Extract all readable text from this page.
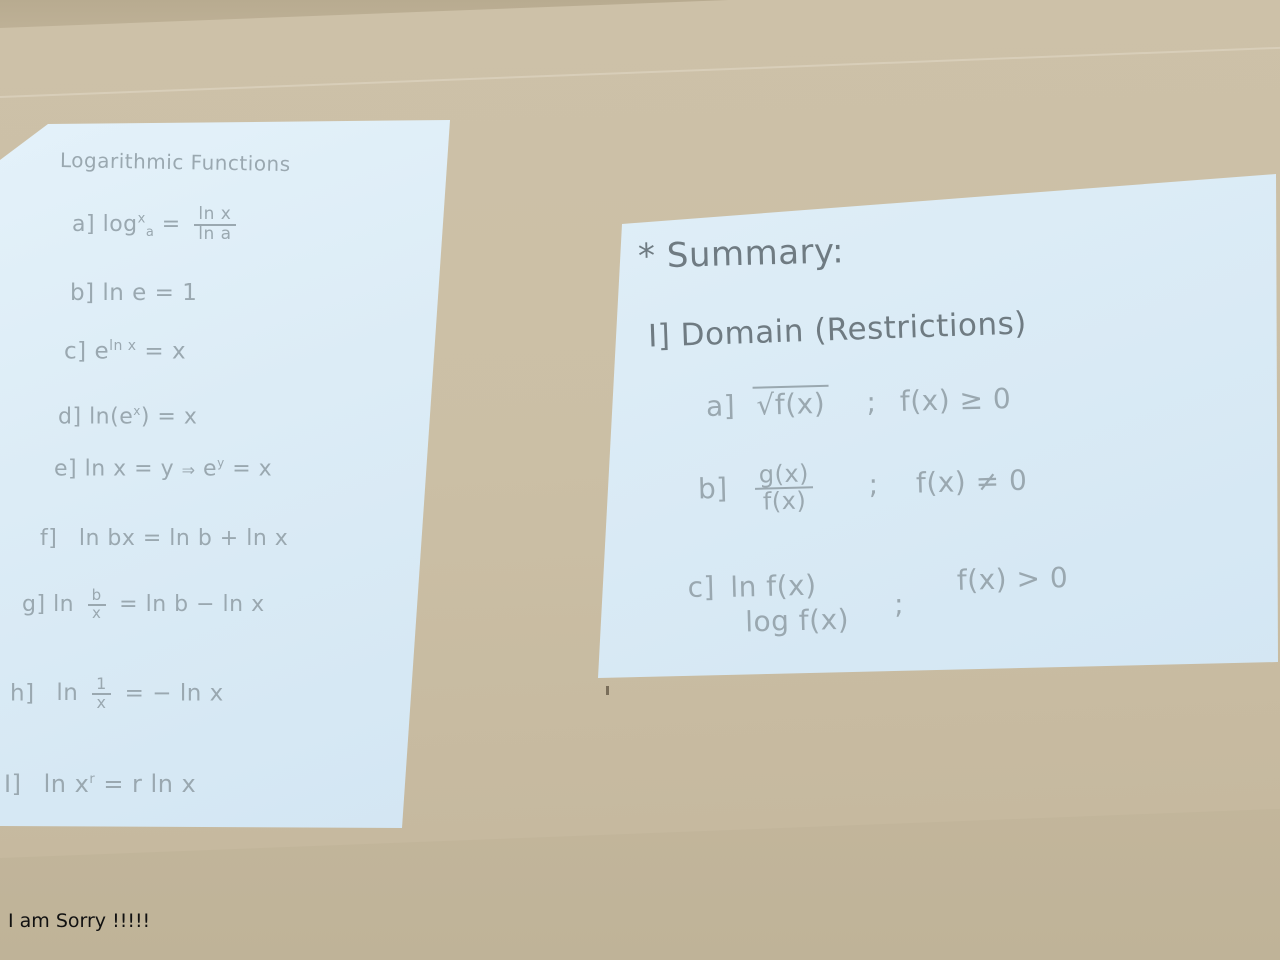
Logarithmic Functions
a] $\log^x_a = \frac{\text{ln x}}{\text{ln a}}$
b] ln e = 1
c] $e^{ln x} = x$
d] $\ln(e^x) = x$
e] ln x = y ⇒ $e^y = x$
f] ln bx = ln b + ln x
g] $\ln \frac{b}{x} = \ln b - \ln x$
h] $\ln \frac{1}{x}$ = − ln x
I] $\ln x^r = r$ ln x
* Summary:
I] Domain (Restrictions)
a] √f(x) ; f(x) ≥ 0
$b] \frac{g(x)}{f(x)}$ ; f(x) ≠ 0
c] ln f(x)
log f(x) ; f(x) > 0
I am Sorry !!!!!
